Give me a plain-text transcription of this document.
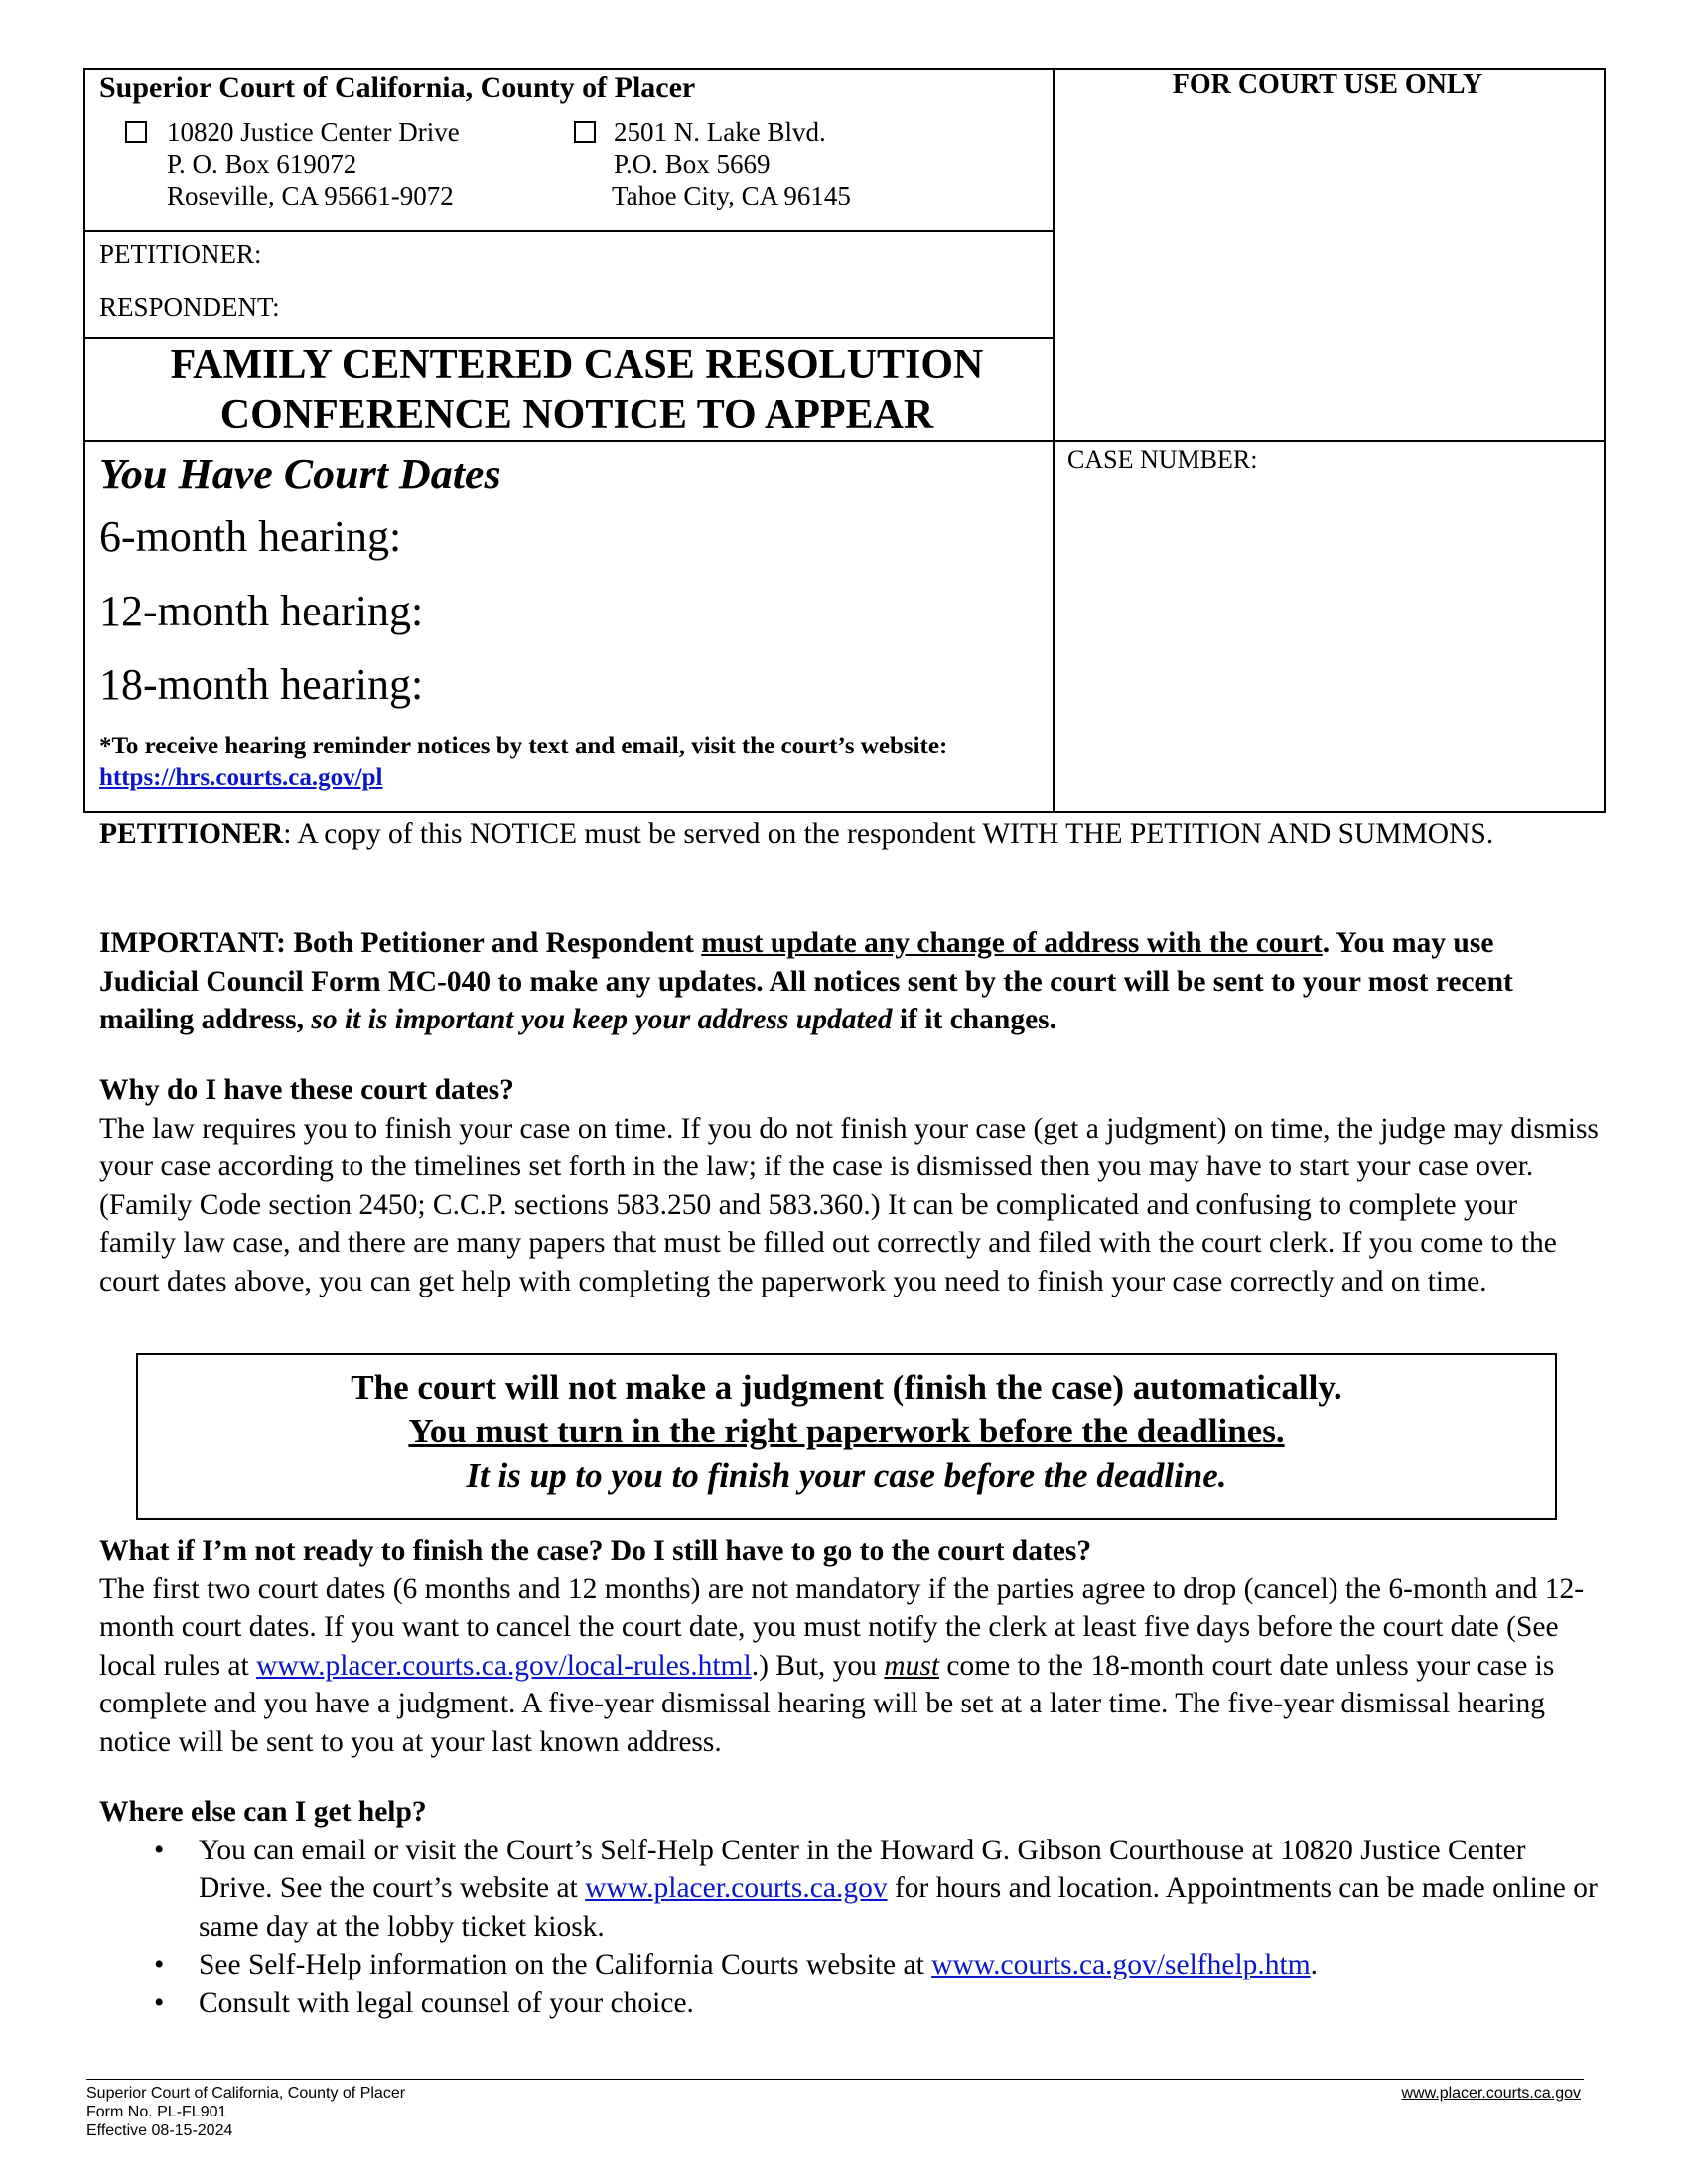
Superior Court of California, County of Placer
10820 Justice Center Drive
P. O. Box 619072
Roseville, CA 95661-9072
2501 N. Lake Blvd.
P.O. Box 5669
Tahoe City, CA 96145
FOR COURT USE ONLY
PETITIONER:
RESPONDENT:
FAMILY CENTERED CASE RESOLUTION
CONFERENCE NOTICE TO APPEAR
You Have Court Dates
6-month hearing:
12-month hearing:
18-month hearing:
*To receive hearing reminder notices by text and email, visit the court’s website: https://hrs.courts.ca.gov/pl
CASE NUMBER:
PETITIONER: A copy of this NOTICE must be served on the respondent WITH THE PETITION AND SUMMONS.
IMPORTANT: Both Petitioner and Respondent must update any change of address with the court. You may use Judicial Council Form MC-040 to make any updates. All notices sent by the court will be sent to your most recent mailing address, so it is important you keep your address updated if it changes.
Why do I have these court dates?
The law requires you to finish your case on time. If you do not finish your case (get a judgment) on time, the judge may dismiss your case according to the timelines set forth in the law; if the case is dismissed then you may have to start your case over. (Family Code section 2450; C.C.P. sections 583.250 and 583.360.) It can be complicated and confusing to complete your family law case, and there are many papers that must be filled out correctly and filed with the court clerk. If you come to the court dates above, you can get help with completing the paperwork you need to finish your case correctly and on time.
The court will not make a judgment (finish the case) automatically.
You must turn in the right paperwork before the deadlines.
It is up to you to finish your case before the deadline.
What if I’m not ready to finish the case? Do I still have to go to the court dates?
The first two court dates (6 months and 12 months) are not mandatory if the parties agree to drop (cancel) the 6-month and 12-month court dates. If you want to cancel the court date, you must notify the clerk at least five days before the court date (See local rules at www.placer.courts.ca.gov/local-rules.html.) But, you must come to the 18-month court date unless your case is complete and you have a judgment. A five-year dismissal hearing will be set at a later time. The five-year dismissal hearing notice will be sent to you at your last known address.
Where else can I get help?
• You can email or visit the Court’s Self-Help Center in the Howard G. Gibson Courthouse at 10820 Justice Center Drive. See the court’s website at www.placer.courts.ca.gov for hours and location. Appointments can be made online or same day at the lobby ticket kiosk.
• See Self-Help information on the California Courts website at www.courts.ca.gov/selfhelp.htm.
• Consult with legal counsel of your choice.
Superior Court of California, County of Placer
Form No. PL-FL901
Effective 08-15-2024
www.placer.courts.ca.gov
